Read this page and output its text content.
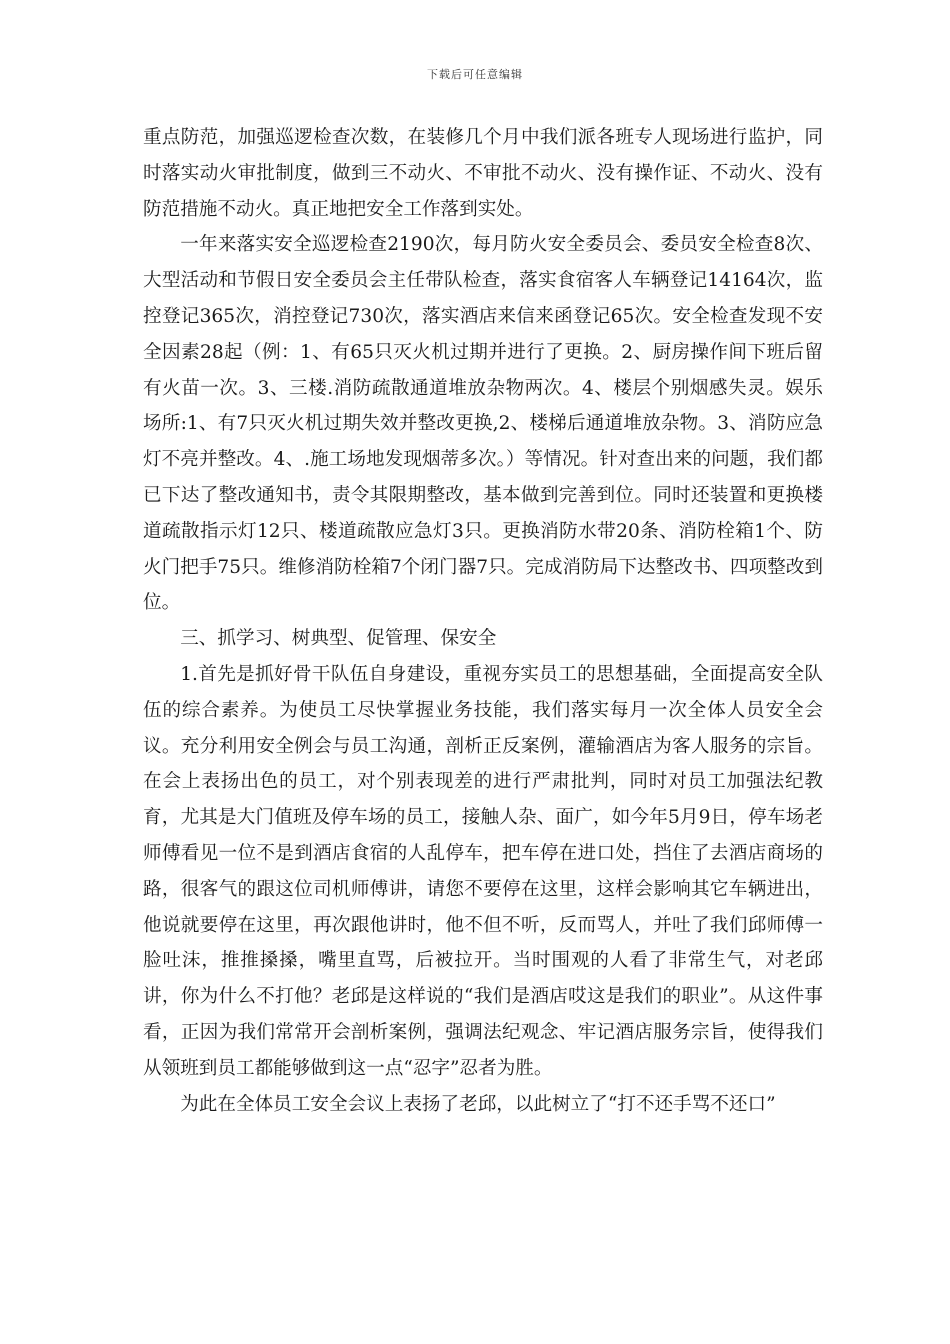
下载后可任意编辑

重点防范，加强巡逻检查次数，在装修几个月中我们派各班专人现场进行监护，同时落实动火审批制度，做到三不动火、不审批不动火、没有操作证、不动火、没有防范措施不动火。真正地把安全工作落到实处。

一年来落实安全巡逻检查2190次，每月防火安全委员会、委员安全检查8次、大型活动和节假日安全委员会主任带队检查，落实食宿客人车辆登记14164次，监控登记365次，消控登记730次，落实酒店来信来函登记65次。安全检查发现不安全因素28起（例：1、有65只灭火机过期并进行了更换。2、厨房操作间下班后留有火苗一次。3、三楼.消防疏散通道堆放杂物两次。4、楼层个别烟感失灵。娱乐场所:1、有7只灭火机过期失效并整改更换,2、楼梯后通道堆放杂物。3、消防应急灯不亮并整改。4、.施工场地发现烟蒂多次。）等情况。针对查出来的问题，我们都已下达了整改通知书，责令其限期整改，基本做到完善到位。同时还装置和更换楼道疏散指示灯12只、楼道疏散应急灯3只。更换消防水带20条、消防栓箱1个、防火门把手75只。维修消防栓箱7个闭门器7只。完成消防局下达整改书、四项整改到位。

三、抓学习、树典型、促管理、保安全

1.首先是抓好骨干队伍自身建设，重视夯实员工的思想基础，全面提高安全队伍的综合素养。为使员工尽快掌握业务技能，我们落实每月一次全体人员安全会议。充分利用安全例会与员工沟通，剖析正反案例，灌输酒店为客人服务的宗旨。在会上表扬出色的员工，对个别表现差的进行严肃批判，同时对员工加强法纪教育，尤其是大门值班及停车场的员工，接触人杂、面广，如今年5月9日，停车场老师傅看见一位不是到酒店食宿的人乱停车，把车停在进口处，挡住了去酒店商场的路，很客气的跟这位司机师傅讲，请您不要停在这里，这样会影响其它车辆进出，他说就要停在这里，再次跟他讲时，他不但不听，反而骂人，并吐了我们邱师傅一脸吐沫，推推搡搡，嘴里直骂，后被拉开。当时围观的人看了非常生气，对老邱讲，你为什么不打他？老邱是这样说的“我们是酒店哎这是我们的职业”。从这件事看，正因为我们常常开会剖析案例，强调法纪观念、牢记酒店服务宗旨，使得我们从领班到员工都能够做到这一点“忍字”忍者为胜。

为此在全体员工安全会议上表扬了老邱，以此树立了“打不还手骂不还口”
